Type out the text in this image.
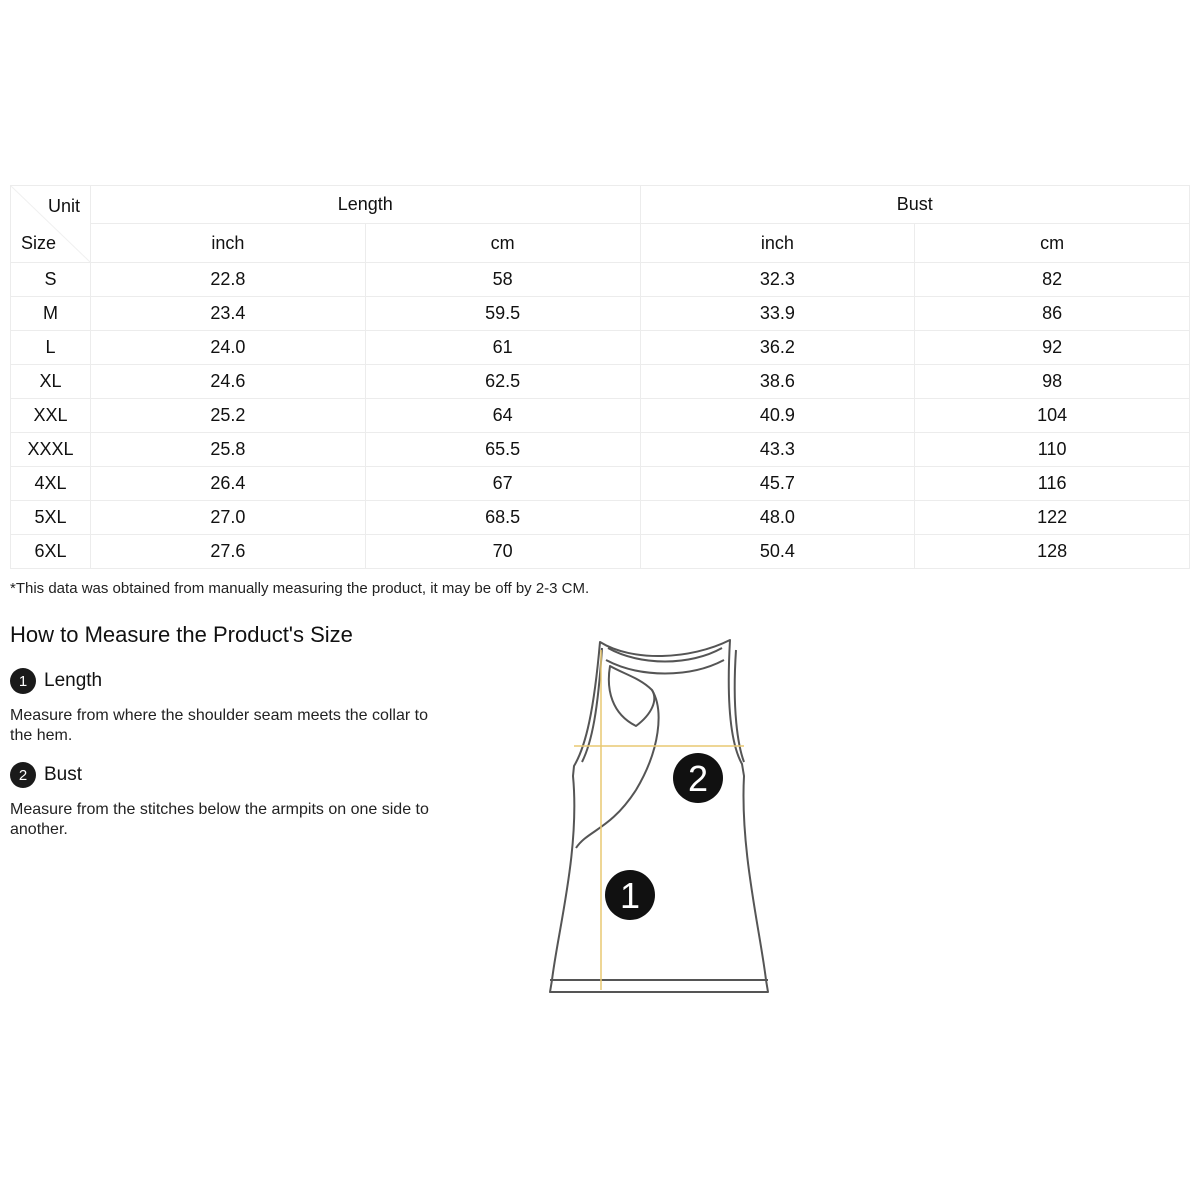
Unit
Size	Length		Bust	
	inch	cm	inch	cm
S	22.8	58	32.3	82
M	23.4	59.5	33.9	86
L	24.0	61	36.2	92
XL	24.6	62.5	38.6	98
XXL	25.2	64	40.9	104
XXXL	25.8	65.5	43.3	110
4XL	26.4	67	45.7	116
5XL	27.0	68.5	48.0	122
6XL	27.6	70	50.4	128
*This data was obtained from manually measuring the product, it may be off by 2-3 CM.
How to Measure the Product's Size
1 Length
Measure from where the shoulder seam meets the collar to the hem.
2 Bust
Measure from the stitches below the armpits on one side to another.
2
1
